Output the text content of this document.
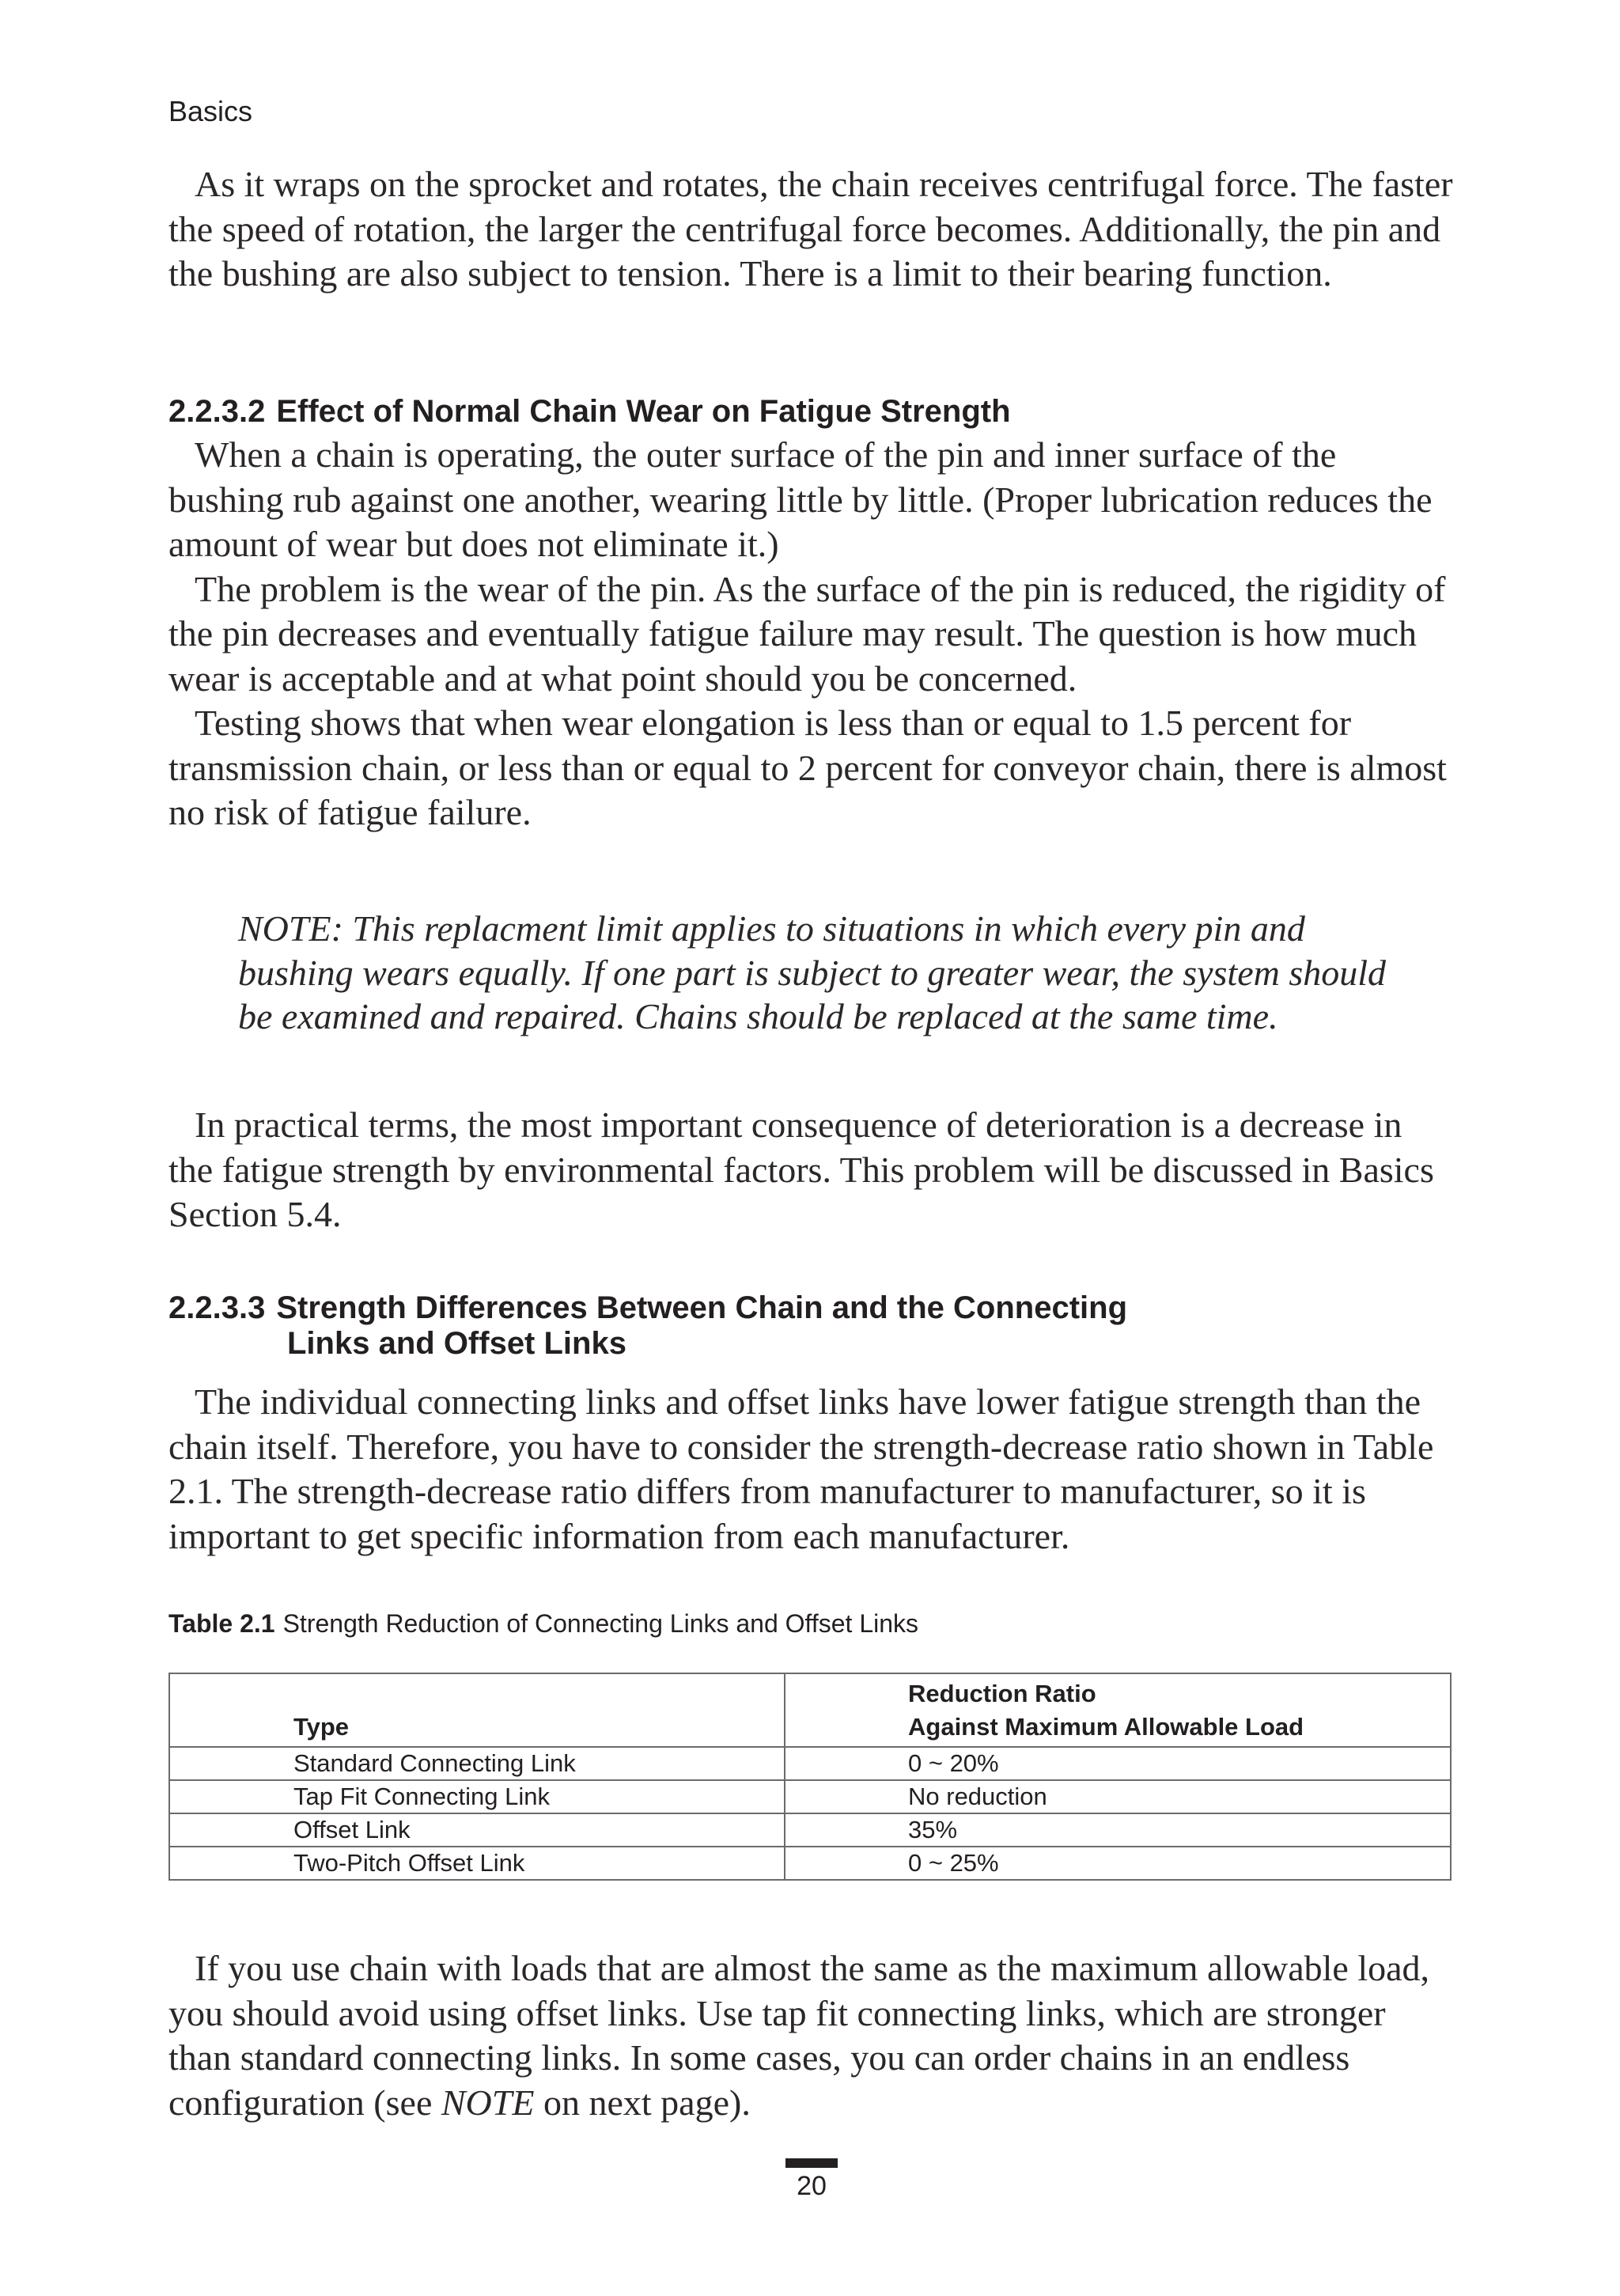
Basics

As it wraps on the sprocket and rotates, the chain receives centrifugal force. The faster the speed of rotation, the larger the centrifugal force becomes. Additionally, the pin and the bushing are also subject to tension. There is a limit to their bearing function.

2.2.3.2 Effect of Normal Chain Wear on Fatigue Strength

When a chain is operating, the outer surface of the pin and inner surface of the bushing rub against one another, wearing little by little. (Proper lubrication reduces the amount of wear but does not eliminate it.)

The problem is the wear of the pin. As the surface of the pin is reduced, the rigidity of the pin decreases and eventually fatigue failure may result. The question is how much wear is acceptable and at what point should you be concerned.

Testing shows that when wear elongation is less than or equal to 1.5 percent for transmission chain, or less than or equal to 2 percent for conveyor chain, there is almost no risk of fatigue failure.

NOTE: This replacment limit applies to situations in which every pin and bushing wears equally. If one part is subject to greater wear, the system should be examined and repaired. Chains should be replaced at the same time.

In practical terms, the most important consequence of deterioration is a decrease in the fatigue strength by environmental factors. This problem will be discussed in Basics Section 5.4.

2.2.3.3 Strength Differences Between Chain and the Connecting
Links and Offset Links

The individual connecting links and offset links have lower fatigue strength than the chain itself. Therefore, you have to consider the strength-decrease ratio shown in Table 2.1. The strength-decrease ratio differs from manufacturer to manufacturer, so it is important to get specific information from each manufacturer.

Table 2.1 Strength Reduction of Connecting Links and Offset Links
Type	Reduction Ratio
Against Maximum Allowable Load

Standard Connecting Link	0 ~ 20%
Tap Fit Connecting Link	No reduction
Offset Link	35%
Two-Pitch Offset Link	0 ~ 25%

If you use chain with loads that are almost the same as the maximum allowable load, you should avoid using offset links. Use tap fit connecting links, which are stronger than standard connecting links. In some cases, you can order chains in an endless configuration (see NOTE on next page).

20
